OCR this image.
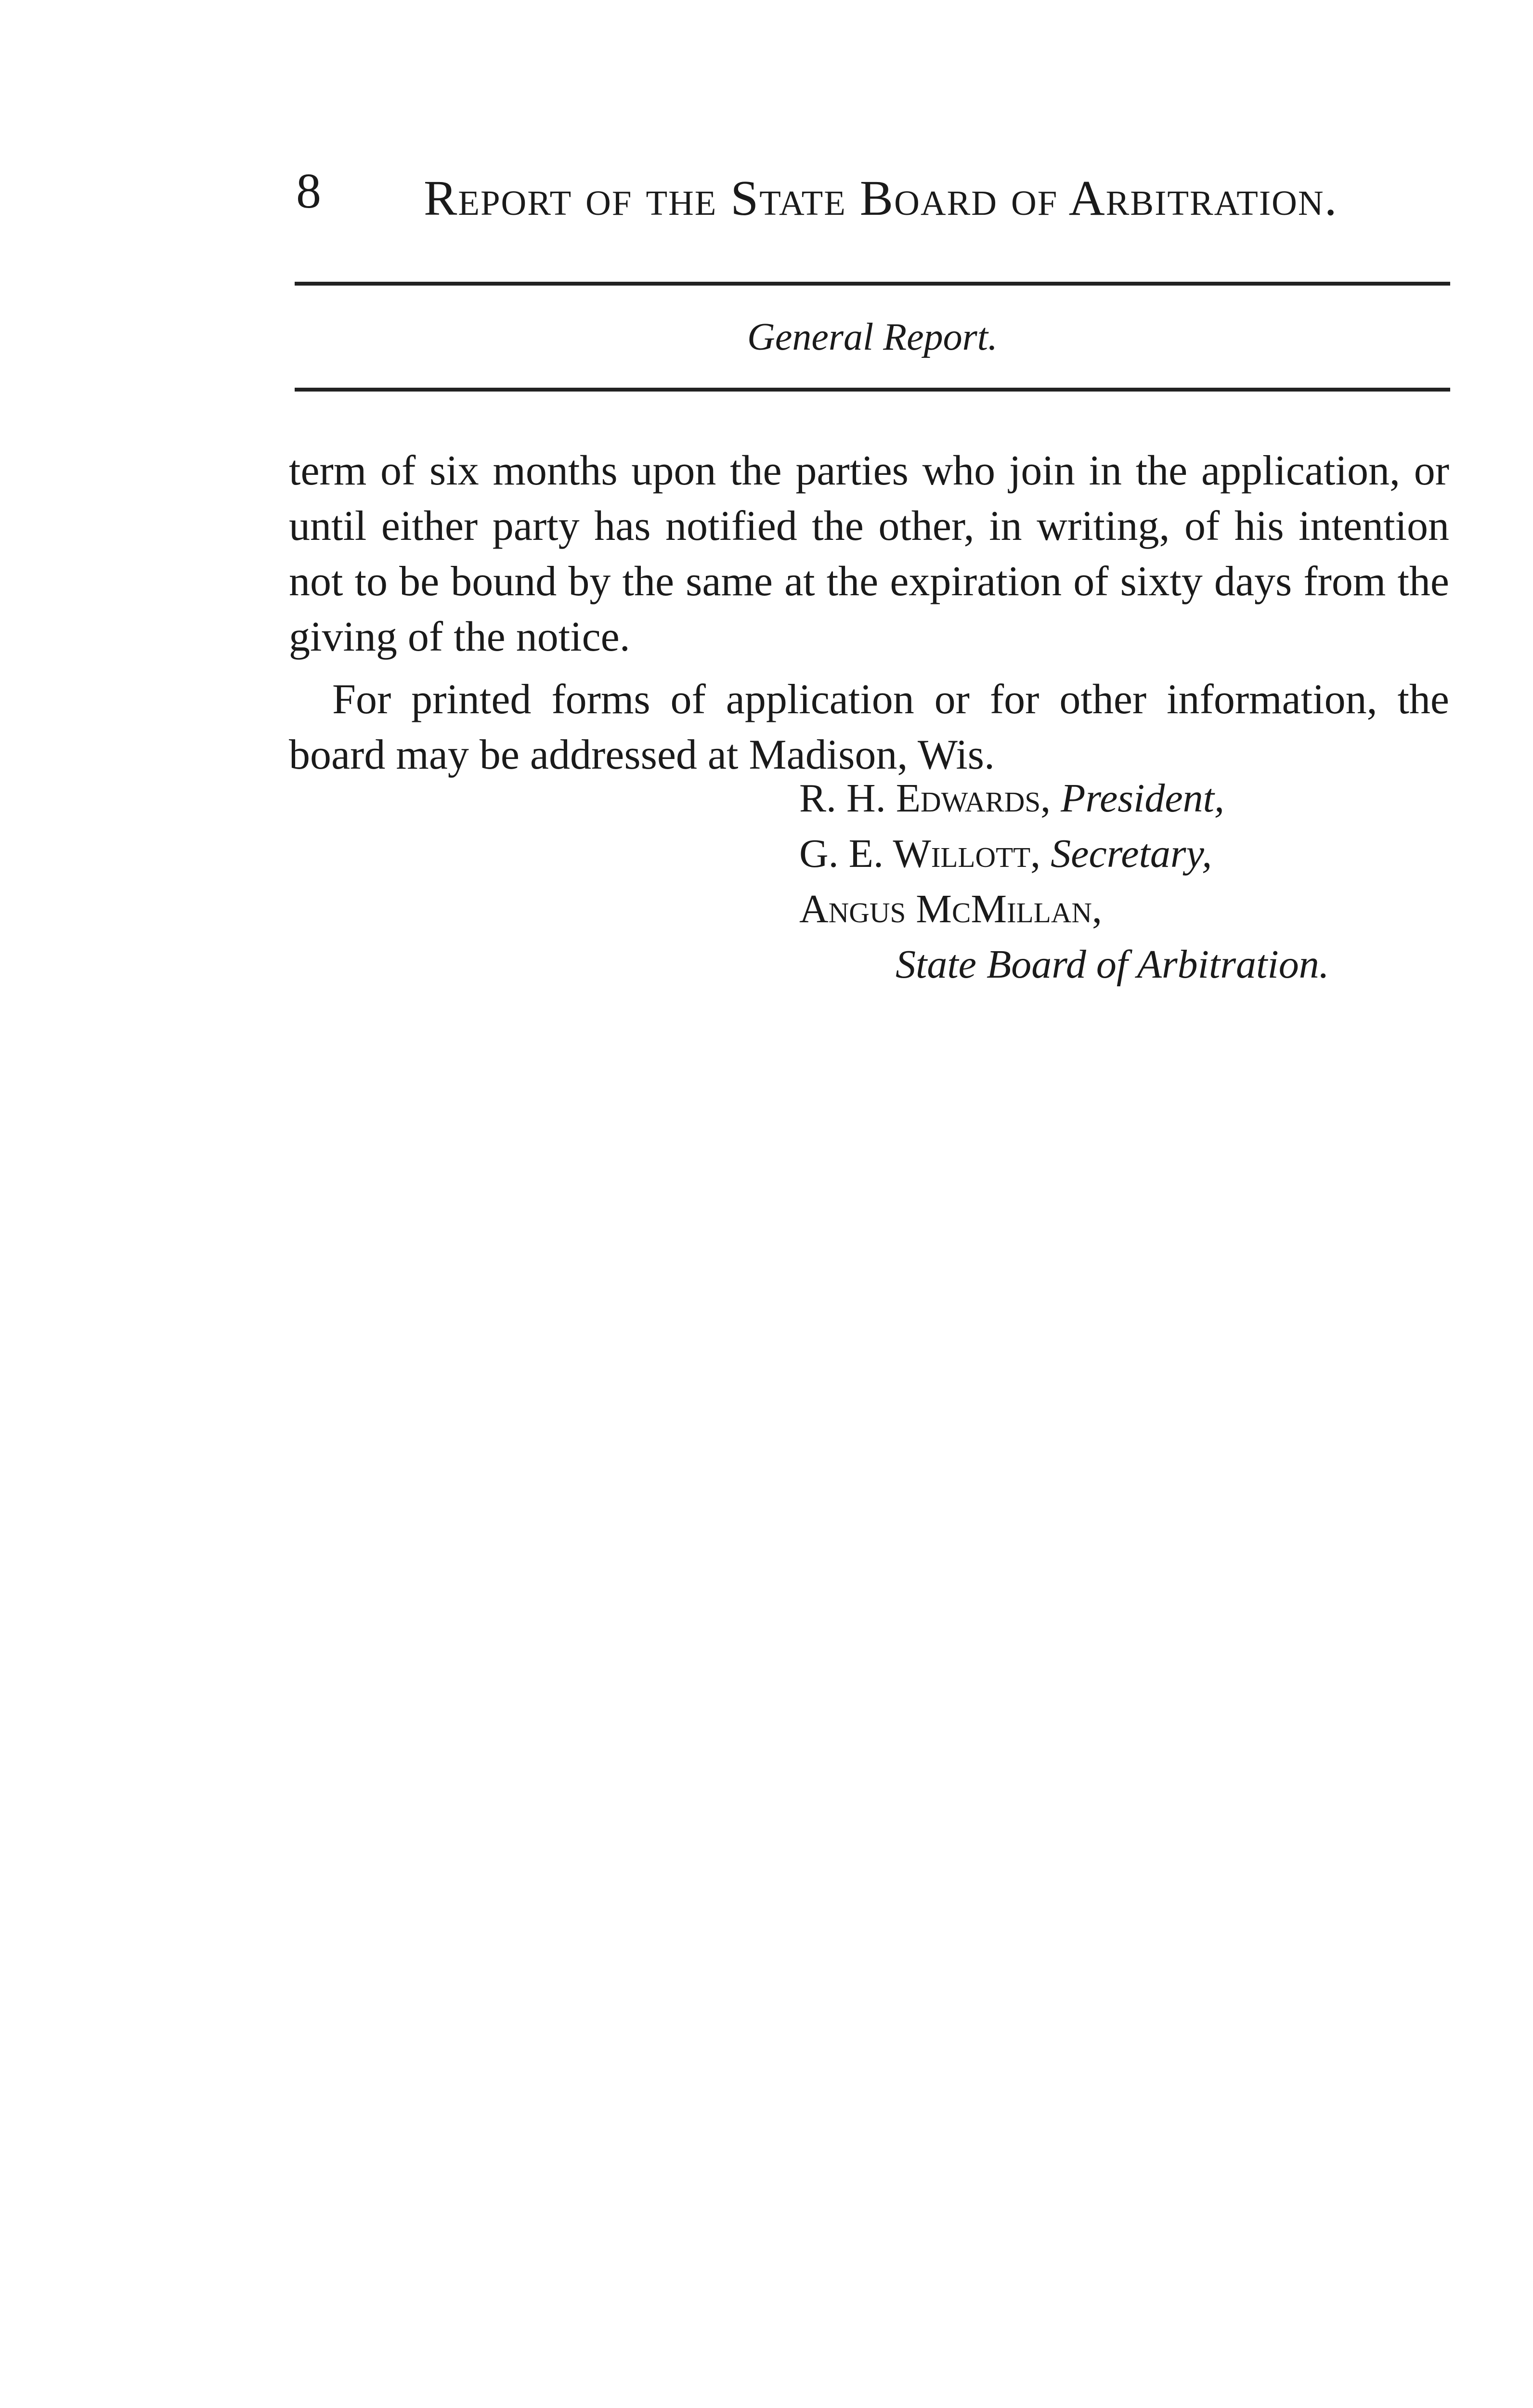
8 Report of the State Board of Arbitration.
General Report.

term of six months upon the parties who join in the application, or until either party has notified the other, in writing, of his intention not to be bound by the same at the expiration of sixty days from the giving of the notice.

For printed forms of application or for other information, the board may be addressed at Madison, Wis.

R. H. Edwards, President,
G. E. Willott, Secretary,
Angus McMillan,
State Board of Arbitration.
